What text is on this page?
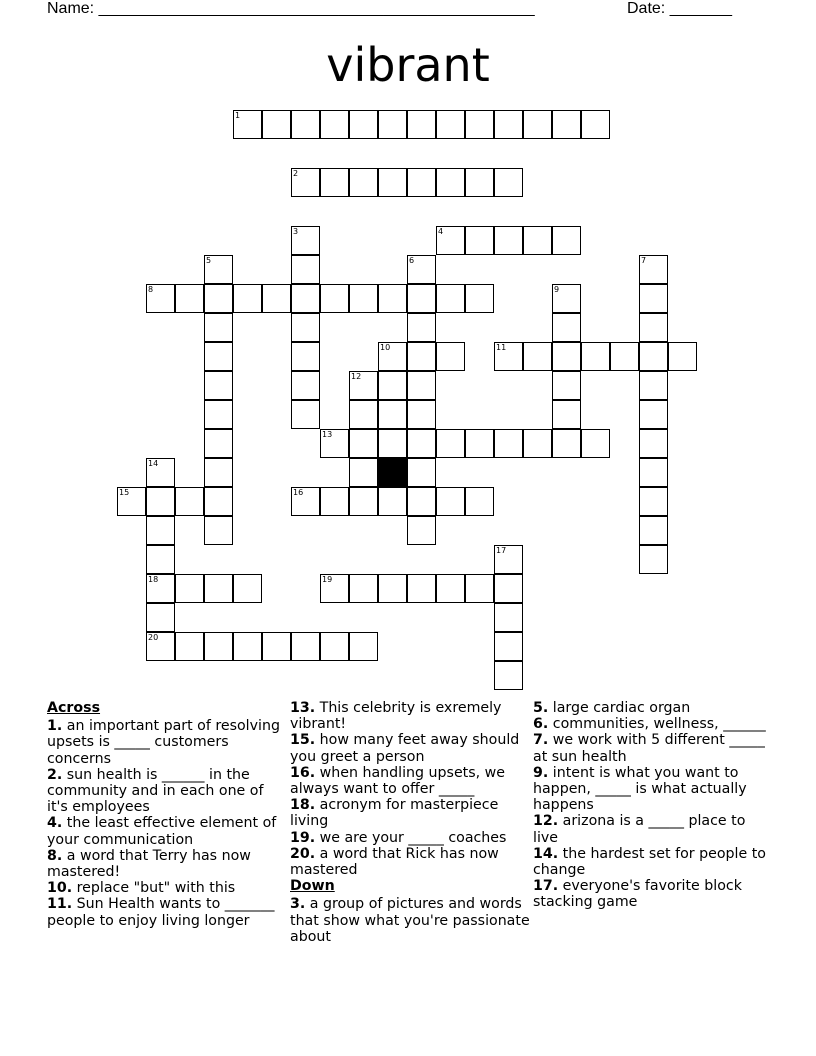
Name: _________________________________________________	Date: _______
vibrant
1
2
3	4
5	6	7
8	9
10	11
12
13
14
15	16
17
18	19
20
Across

1. an important part of resolving upsets is _____ customers concerns

2. sun health is ______ in the community and in each one of it's employees

4. the least effective element of your communication

8. a word that Terry has now mastered!

10. replace "but" with this

11. Sun Health wants to _______ people to enjoy living longer

13. This celebrity is exremely vibrant!

15. how many feet away should you greet a person

16. when handling upsets, we always want to offer _____

18. acronym for masterpiece living

19. we are your _____ coaches

20. a word that Rick has now mastered

Down

3. a group of pictures and words that show what you're passionate about

5. large cardiac organ

6. communities, wellness, ______

7. we work with 5 different _____ at sun health

9. intent is what you want to happen, _____ is what actually happens

12. arizona is a _____ place to live

14. the hardest set for people to change

17. everyone's favorite block stacking game
